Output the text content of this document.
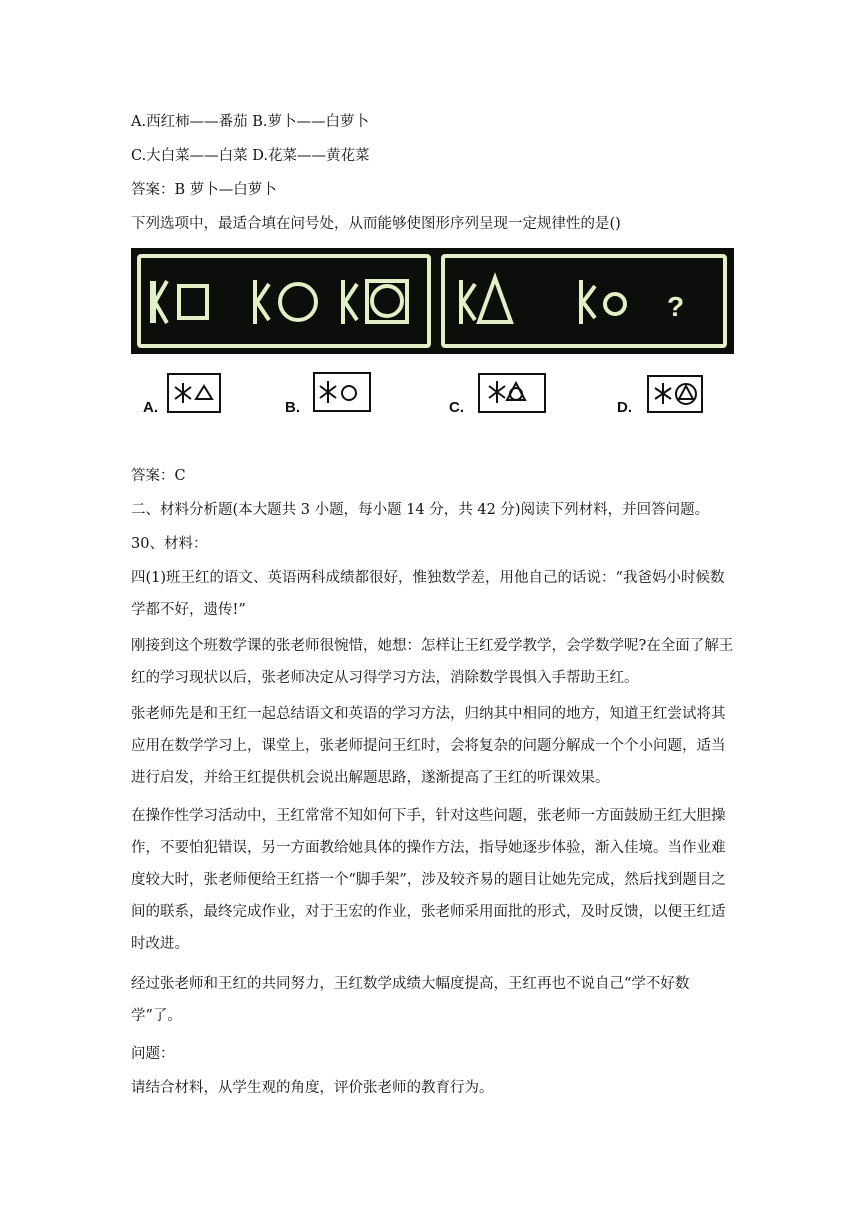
A.西红柿——番茄 B.萝卜——白萝卜
C.大白菜——白菜 D.花菜——黄花菜
答案：B 萝卜—白萝卜
下列选项中，最适合填在问号处，从而能够使图形序列呈现一定规律性的是()
?
A.	B.	C.	D.
答案：C
二、材料分析题(本大题共 3 小题，每小题 14 分，共 42 分)阅读下列材料，并回答问题。
30、材料：
四(1)班王红的语文、英语两科成绩都很好，惟独数学差，用他自己的话说：“我爸妈小时候数学都不好，遗传!”
刚接到这个班数学课的张老师很惋惜，她想：怎样让王红爱学教学，会学数学呢?在全面了解王红的学习现状以后，张老师决定从习得学习方法，消除数学畏惧入手帮助王红。
张老师先是和王红一起总结语文和英语的学习方法，归纳其中相同的地方，知道王红尝试将其应用在数学学习上，课堂上，张老师提问王红时，会将复杂的问题分解成一个个小问题，适当进行启发，并给王红提供机会说出解题思路，遂渐提高了王红的听课效果。
在操作性学习活动中，王红常常不知如何下手，针对这些问题，张老师一方面鼓励王红大胆操作，不要怕犯错误，另一方面教给她具体的操作方法，指导她逐步体验，渐入佳境。当作业难度较大时，张老师便给王红搭一个“脚手架”，涉及较齐易的题目让她先完成，然后找到题目之间的联系，最终完成作业，对于王宏的作业，张老师采用面批的形式，及时反馈，以便王红适时改进。
经过张老师和王红的共同努力，王红数学成绩大幅度提高，王红再也不说自己“学不好数学”了。
问题：
请结合材料，从学生观的角度，评价张老师的教育行为。
